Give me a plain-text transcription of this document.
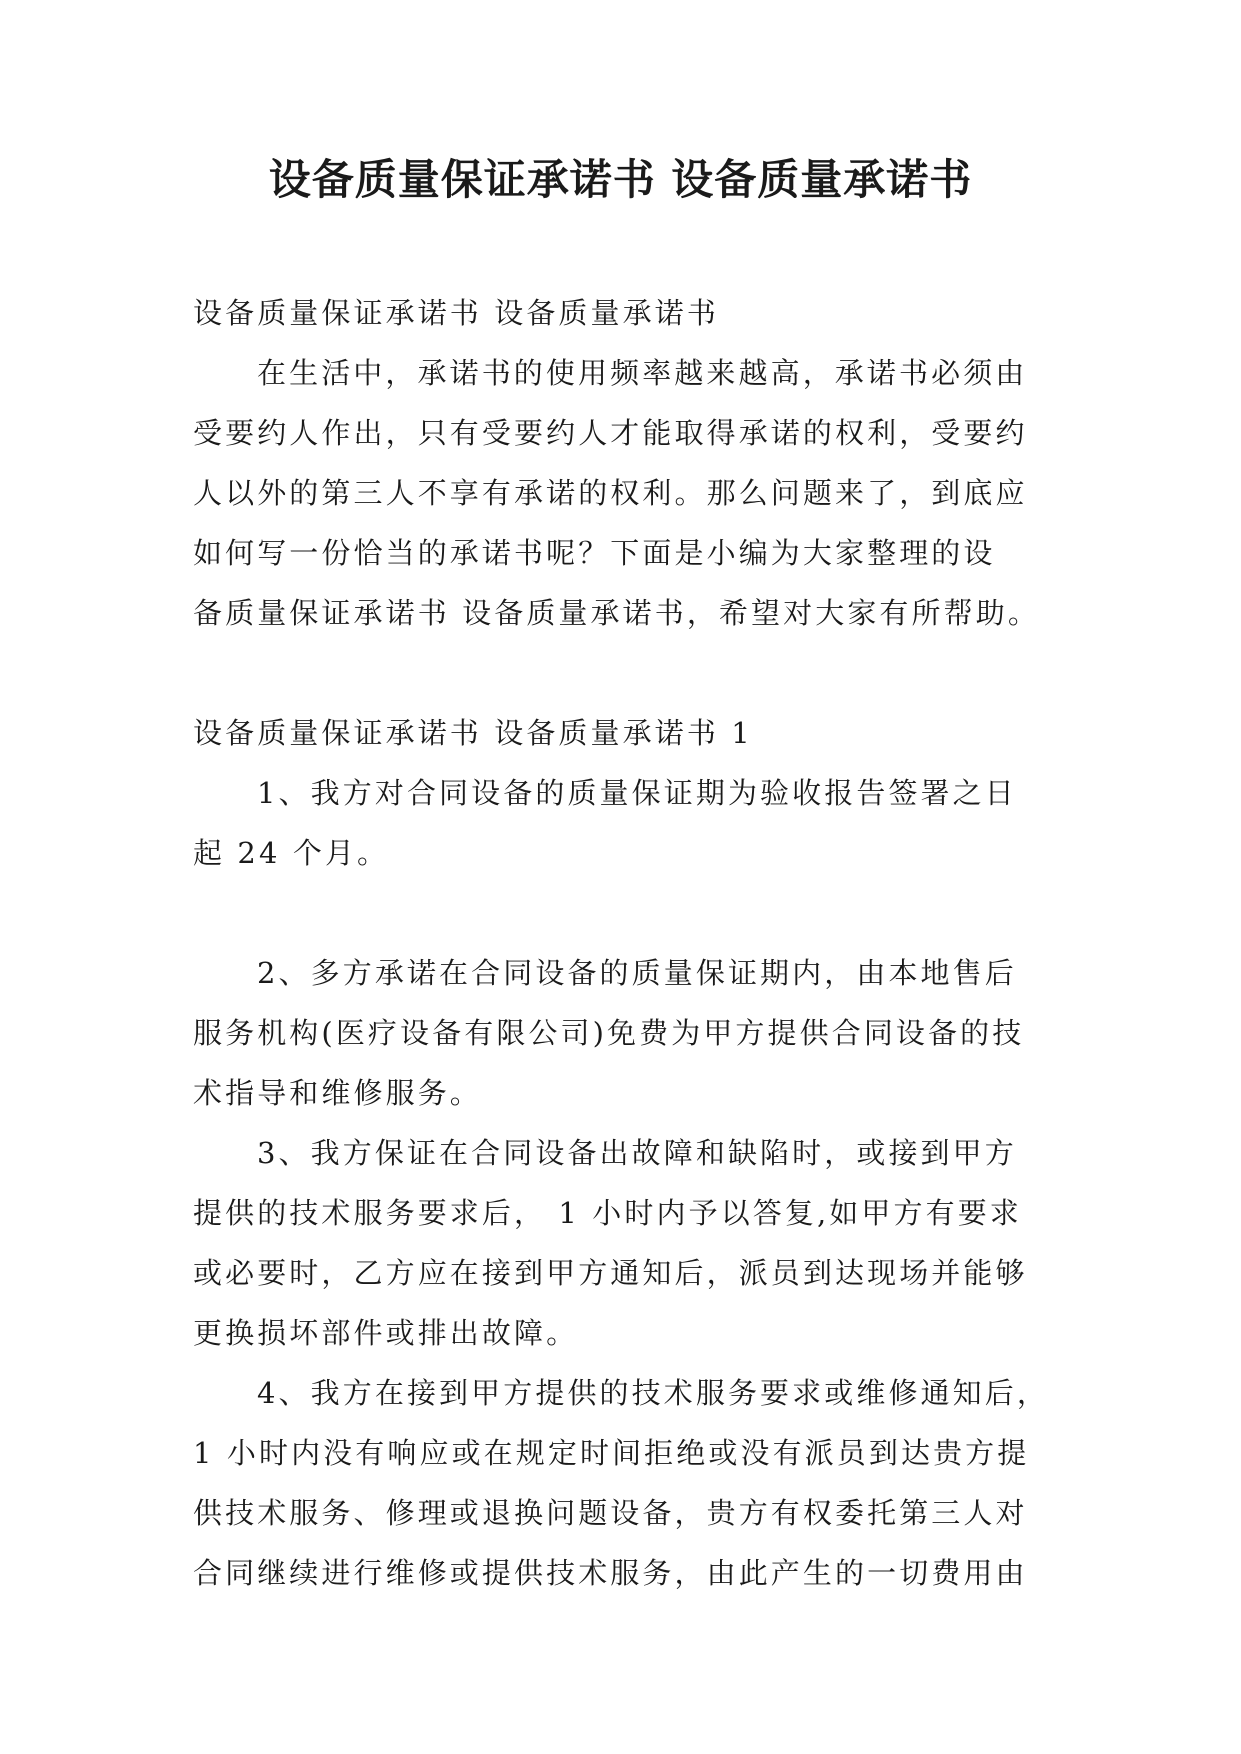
设备质量保证承诺书 设备质量承诺书
设备质量保证承诺书 设备质量承诺书
在生活中，承诺书的使用频率越来越高，承诺书必须由
受要约人作出，只有受要约人才能取得承诺的权利，受要约
人以外的第三人不享有承诺的权利。那么问题来了，到底应
如何写一份恰当的承诺书呢？下面是小编为大家整理的设
备质量保证承诺书 设备质量承诺书，希望对大家有所帮助。
设备质量保证承诺书 设备质量承诺书 1
1、我方对合同设备的质量保证期为验收报告签署之日
起 24 个月。
2、多方承诺在合同设备的质量保证期内，由本地售后
服务机构(医疗设备有限公司)免费为甲方提供合同设备的技
术指导和维修服务。
3、我方保证在合同设备出故障和缺陷时，或接到甲方
提供的技术服务要求后， 1 小时内予以答复,如甲方有要求
或必要时，乙方应在接到甲方通知后，派员到达现场并能够
更换损坏部件或排出故障。
4、我方在接到甲方提供的技术服务要求或维修通知后，
1 小时内没有响应或在规定时间拒绝或没有派员到达贵方提
供技术服务、修理或退换问题设备，贵方有权委托第三人对
合同继续进行维修或提供技术服务，由此产生的一切费用由
